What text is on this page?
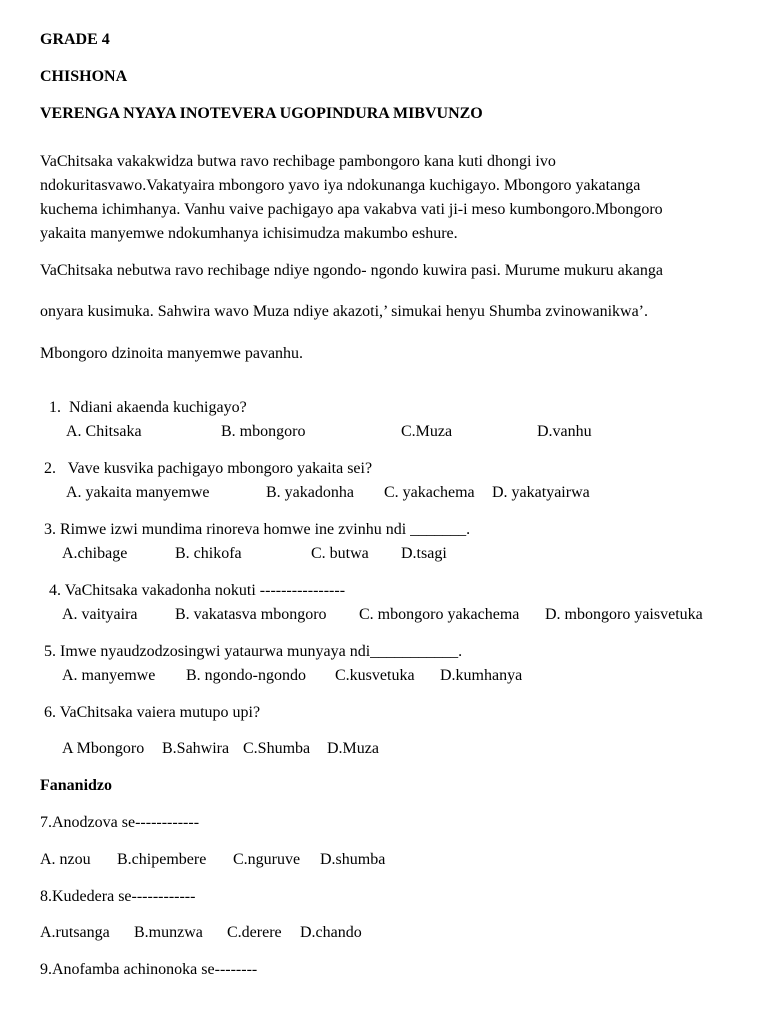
GRADE 4
CHISHONA
VERENGA NYAYA INOTEVERA UGOPINDURA MIBVUNZO
VaChitsaka vakakwidza butwa ravo rechibage pambongoro kana kuti dhongi ivo
ndokuritasvawo.Vakatyaira mbongoro yavo iya ndokunanga kuchigayo. Mbongoro yakatanga
kuchema ichimhanya. Vanhu vaive pachigayo apa vakabva vati ji-i meso kumbongoro.Mbongoro
yakaita manyemwe ndokumhanya ichisimudza makumbo eshure.
VaChitsaka nebutwa ravo rechibage ndiye ngondo- ngondo kuwira pasi. Murume mukuru akanga
onyara kusimuka. Sahwira wavo Muza ndiye akazoti,’ simukai henyu Shumba zvinowanikwa’.
Mbongoro dzinoita manyemwe pavanhu.
1.  Ndiani akaenda kuchigayo?
A. Chitsaka	B. mbongoro	C.Muza	D.vanhu
2.   Vave kusvika pachigayo mbongoro yakaita sei?
A. yakaita manyemwe	B. yakadonha C. yakachema D. yakatyairwa
3. Rimwe izwi mundima rinoreva homwe ine zvinhu ndi _______.
A.chibage	B. chikofa	C. butwa D.tsagi
4. VaChitsaka vakadonha nokuti ----------------
A. vaityaira B. vakatasva mbongoro C. mbongoro yakachema D. mbongoro yaisvetuka
5. Imwe nyaudzodzosingwi yataurwa munyaya ndi___________.
A. manyemwe B. ngondo-ngondo C.kusvetuka D.kumhanya
6. VaChitsaka vaiera mutupo upi?
A Mbongoro B.Sahwira C.Shumba D.Muza
Fananidzo
7.Anodzova se------------
A. nzou B.chipembere C.nguruve D.shumba
8.Kudedera se------------
A.rutsanga B.munzwa C.derere D.chando
9.Anofamba achinonoka se--------
